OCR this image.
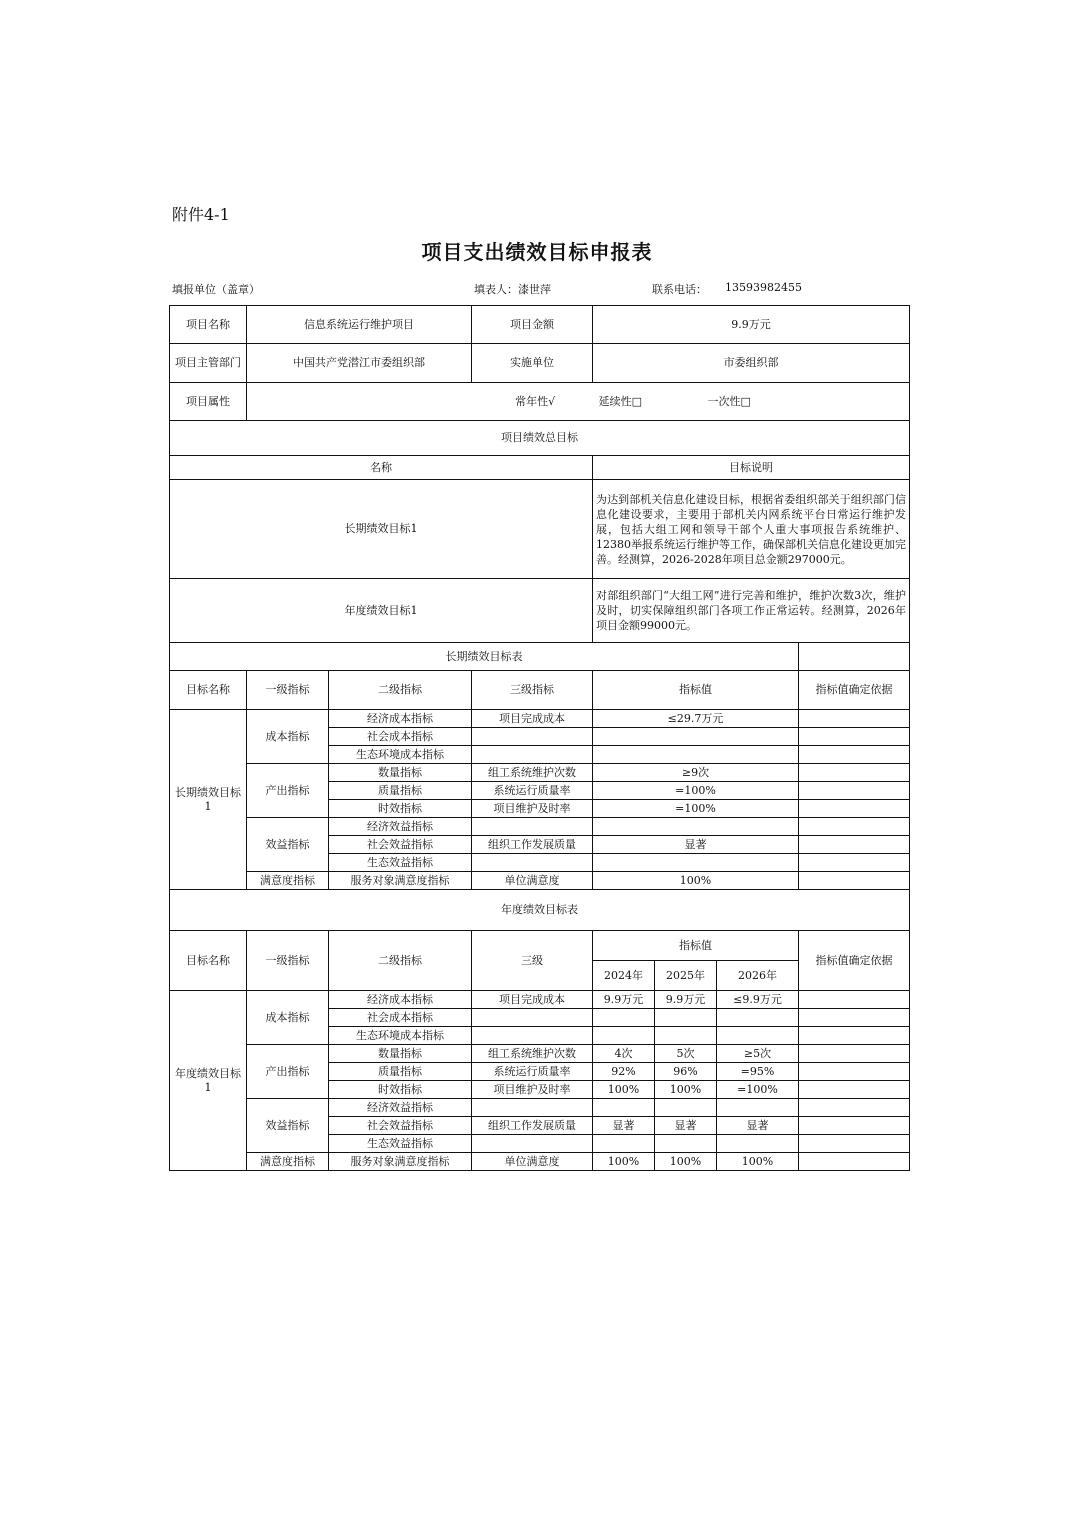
附件4-1
项目支出绩效目标申报表
填报单位（盖章）	填表人：漆世萍	联系电话： 13593982455
项目名称	信息系统运行维护项目		项目金额	9.9万元			
项目主管部门	中国共产党潜江市委组织部		实施单位	市委组织部			
项目属性	常年性√ 延续性□ 一次性□						
项目绩效总目标							
名称				目标说明			
长期绩效目标1				为达到部机关信息化建设目标，根据省委组织部关于组织部门信息化建设要求，主要用于部机关内网系统平台日常运行维护发展，包括大组工网和领导干部个人重大事项报告系统维护、12380举报系统运行维护等工作，确保部机关信息化建设更加完善。经测算，2026-2028年项目总金额297000元。			
年度绩效目标1				对部组织部门“大组工网”进行完善和维护，维护次数3次，维护及时，切实保障组织部门各项工作正常运转。经测算，2026年项目金额99000元。			
长期绩效目标表							
目标名称	一级指标	二级指标	三级指标	指标值			指标值确定依据
长期绩效目标1	成本指标	经济成本指标	项目完成成本	≤29.7万元			
		社会成本指标					
		生态环境成本指标					
	产出指标	数量指标	组工系统维护次数	≥9次			
		质量指标	系统运行质量率	=100%			
		时效指标	项目维护及时率	=100%			
	效益指标	经济效益指标					
		社会效益指标	组织工作发展质量	显著			
		生态效益指标					
	满意度指标	服务对象满意度指标	单位满意度	100%			
年度绩效目标表							
目标名称	一级指标	二级指标	三级	指标值			指标值确定依据
				2024年	2025年	2026年	
年度绩效目标1	成本指标	经济成本指标	项目完成成本	9.9万元	9.9万元	≤9.9万元	
		社会成本指标					
		生态环境成本指标					
	产出指标	数量指标	组工系统维护次数	4次	5次	≥5次	
		质量指标	系统运行质量率	92%	96%	=95%	
		时效指标	项目维护及时率	100%	100%	=100%	
	效益指标	经济效益指标					
		社会效益指标	组织工作发展质量	显著	显著	显著	
		生态效益指标					
	满意度指标	服务对象满意度指标	单位满意度	100%	100%	100%	
